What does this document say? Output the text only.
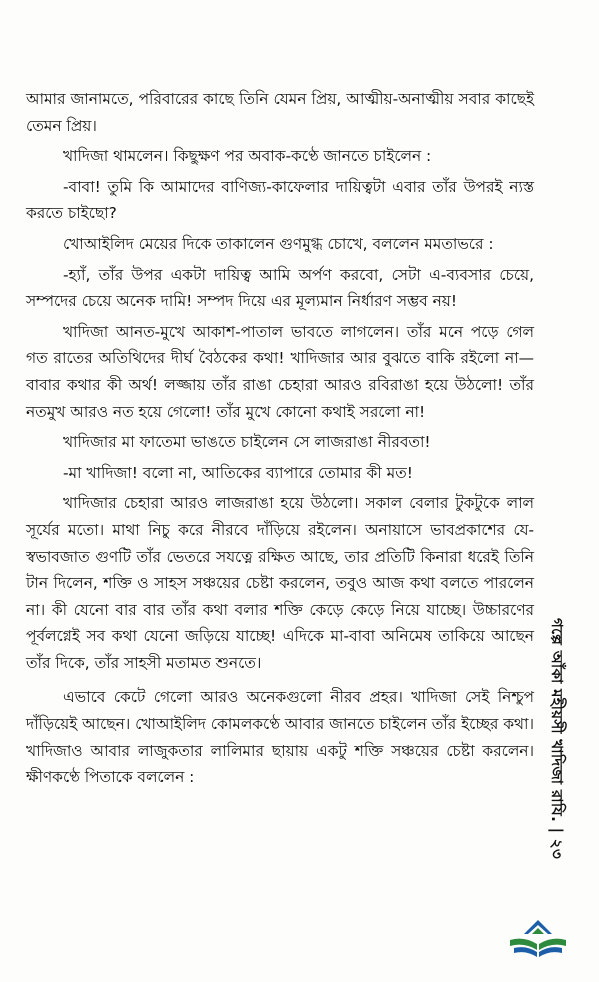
আমার জানামতে, পরিবারের কাছে তিনি যেমন প্রিয়, আত্মীয়-অনাত্মীয় সবার কাছেই তেমন প্রিয়।

খাদিজা থামলেন। কিছুক্ষণ পর অবাক-কণ্ঠে জানতে চাইলেন :

-বাবা! তুমি কি আমাদের বাণিজ্য-কাফেলার দায়িত্বটা এবার তাঁর উপরই ন্যস্ত করতে চাইছো?

খোআইলিদ মেয়ের দিকে তাকালেন গুণমুগ্ধ চোখে, বললেন মমতাভরে :

-হ্যাঁ, তাঁর উপর একটা দায়িত্ব আমি অর্পণ করবো, সেটা এ-ব্যবসার চেয়ে, সম্পদের চেয়ে অনেক দামি! সম্পদ দিয়ে এর মূল্যমান নির্ধারণ সম্ভব নয়!

খাদিজা আনত-মুখে আকাশ-পাতাল ভাবতে লাগলেন। তাঁর মনে পড়ে গেল গত রাতের অতিথিদের দীর্ঘ বৈঠকের কথা! খাদিজার আর বুঝতে বাকি রইলো না— বাবার কথার কী অর্থ! লজ্জায় তাঁর রাঙা চেহারা আরও রবিরাঙা হয়ে উঠলো! তাঁর নতমুখ আরও নত হয়ে গেলো! তাঁর মুখে কোনো কথাই সরলো না!

খাদিজার মা ফাতেমা ভাঙতে চাইলেন সে লাজরাঙা নীরবতা!

-মা খাদিজা! বলো না, আতিকের ব্যাপারে তোমার কী মত!

খাদিজার চেহারা আরও লাজরাঙা হয়ে উঠলো। সকাল বেলার টুকটুকে লাল সূর্যের মতো। মাথা নিচু করে নীরবে দাঁড়িয়ে রইলেন। অনায়াসে ভাবপ্রকাশের যে-স্বভাবজাত গুণটি তাঁর ভেতরে সযত্নে রক্ষিত আছে, তার প্রতিটি কিনারা ধরেই তিনি টান দিলেন, শক্তি ও সাহস সঞ্চয়ের চেষ্টা করলেন, তবুও আজ কথা বলতে পারলেন না। কী যেনো বার বার তাঁর কথা বলার শক্তি কেড়ে কেড়ে নিয়ে যাচ্ছে। উচ্চারণের পূর্বলগ্নেই সব কথা যেনো জড়িয়ে যাচ্ছে! এদিকে মা-বাবা অনিমেষ তাকিয়ে আছেন তাঁর দিকে, তাঁর সাহসী মতামত শুনতে।

এভাবে কেটে গেলো আরও অনেকগুলো নীরব প্রহর। খাদিজা সেই নিশ্চুপ দাঁড়িয়েই আছেন। খোআইলিদ কোমলকণ্ঠে আবার জানতে চাইলেন তাঁর ইচ্ছের কথা। খাদিজাও আবার লাজুকতার লালিমার ছায়ায় একটু শক্তি সঞ্চয়ের চেষ্টা করলেন। ক্ষীণকণ্ঠে পিতাকে বললেন :	গল্পে আঁকা মহীয়সী খাদিজা রাযি. | ২৩
